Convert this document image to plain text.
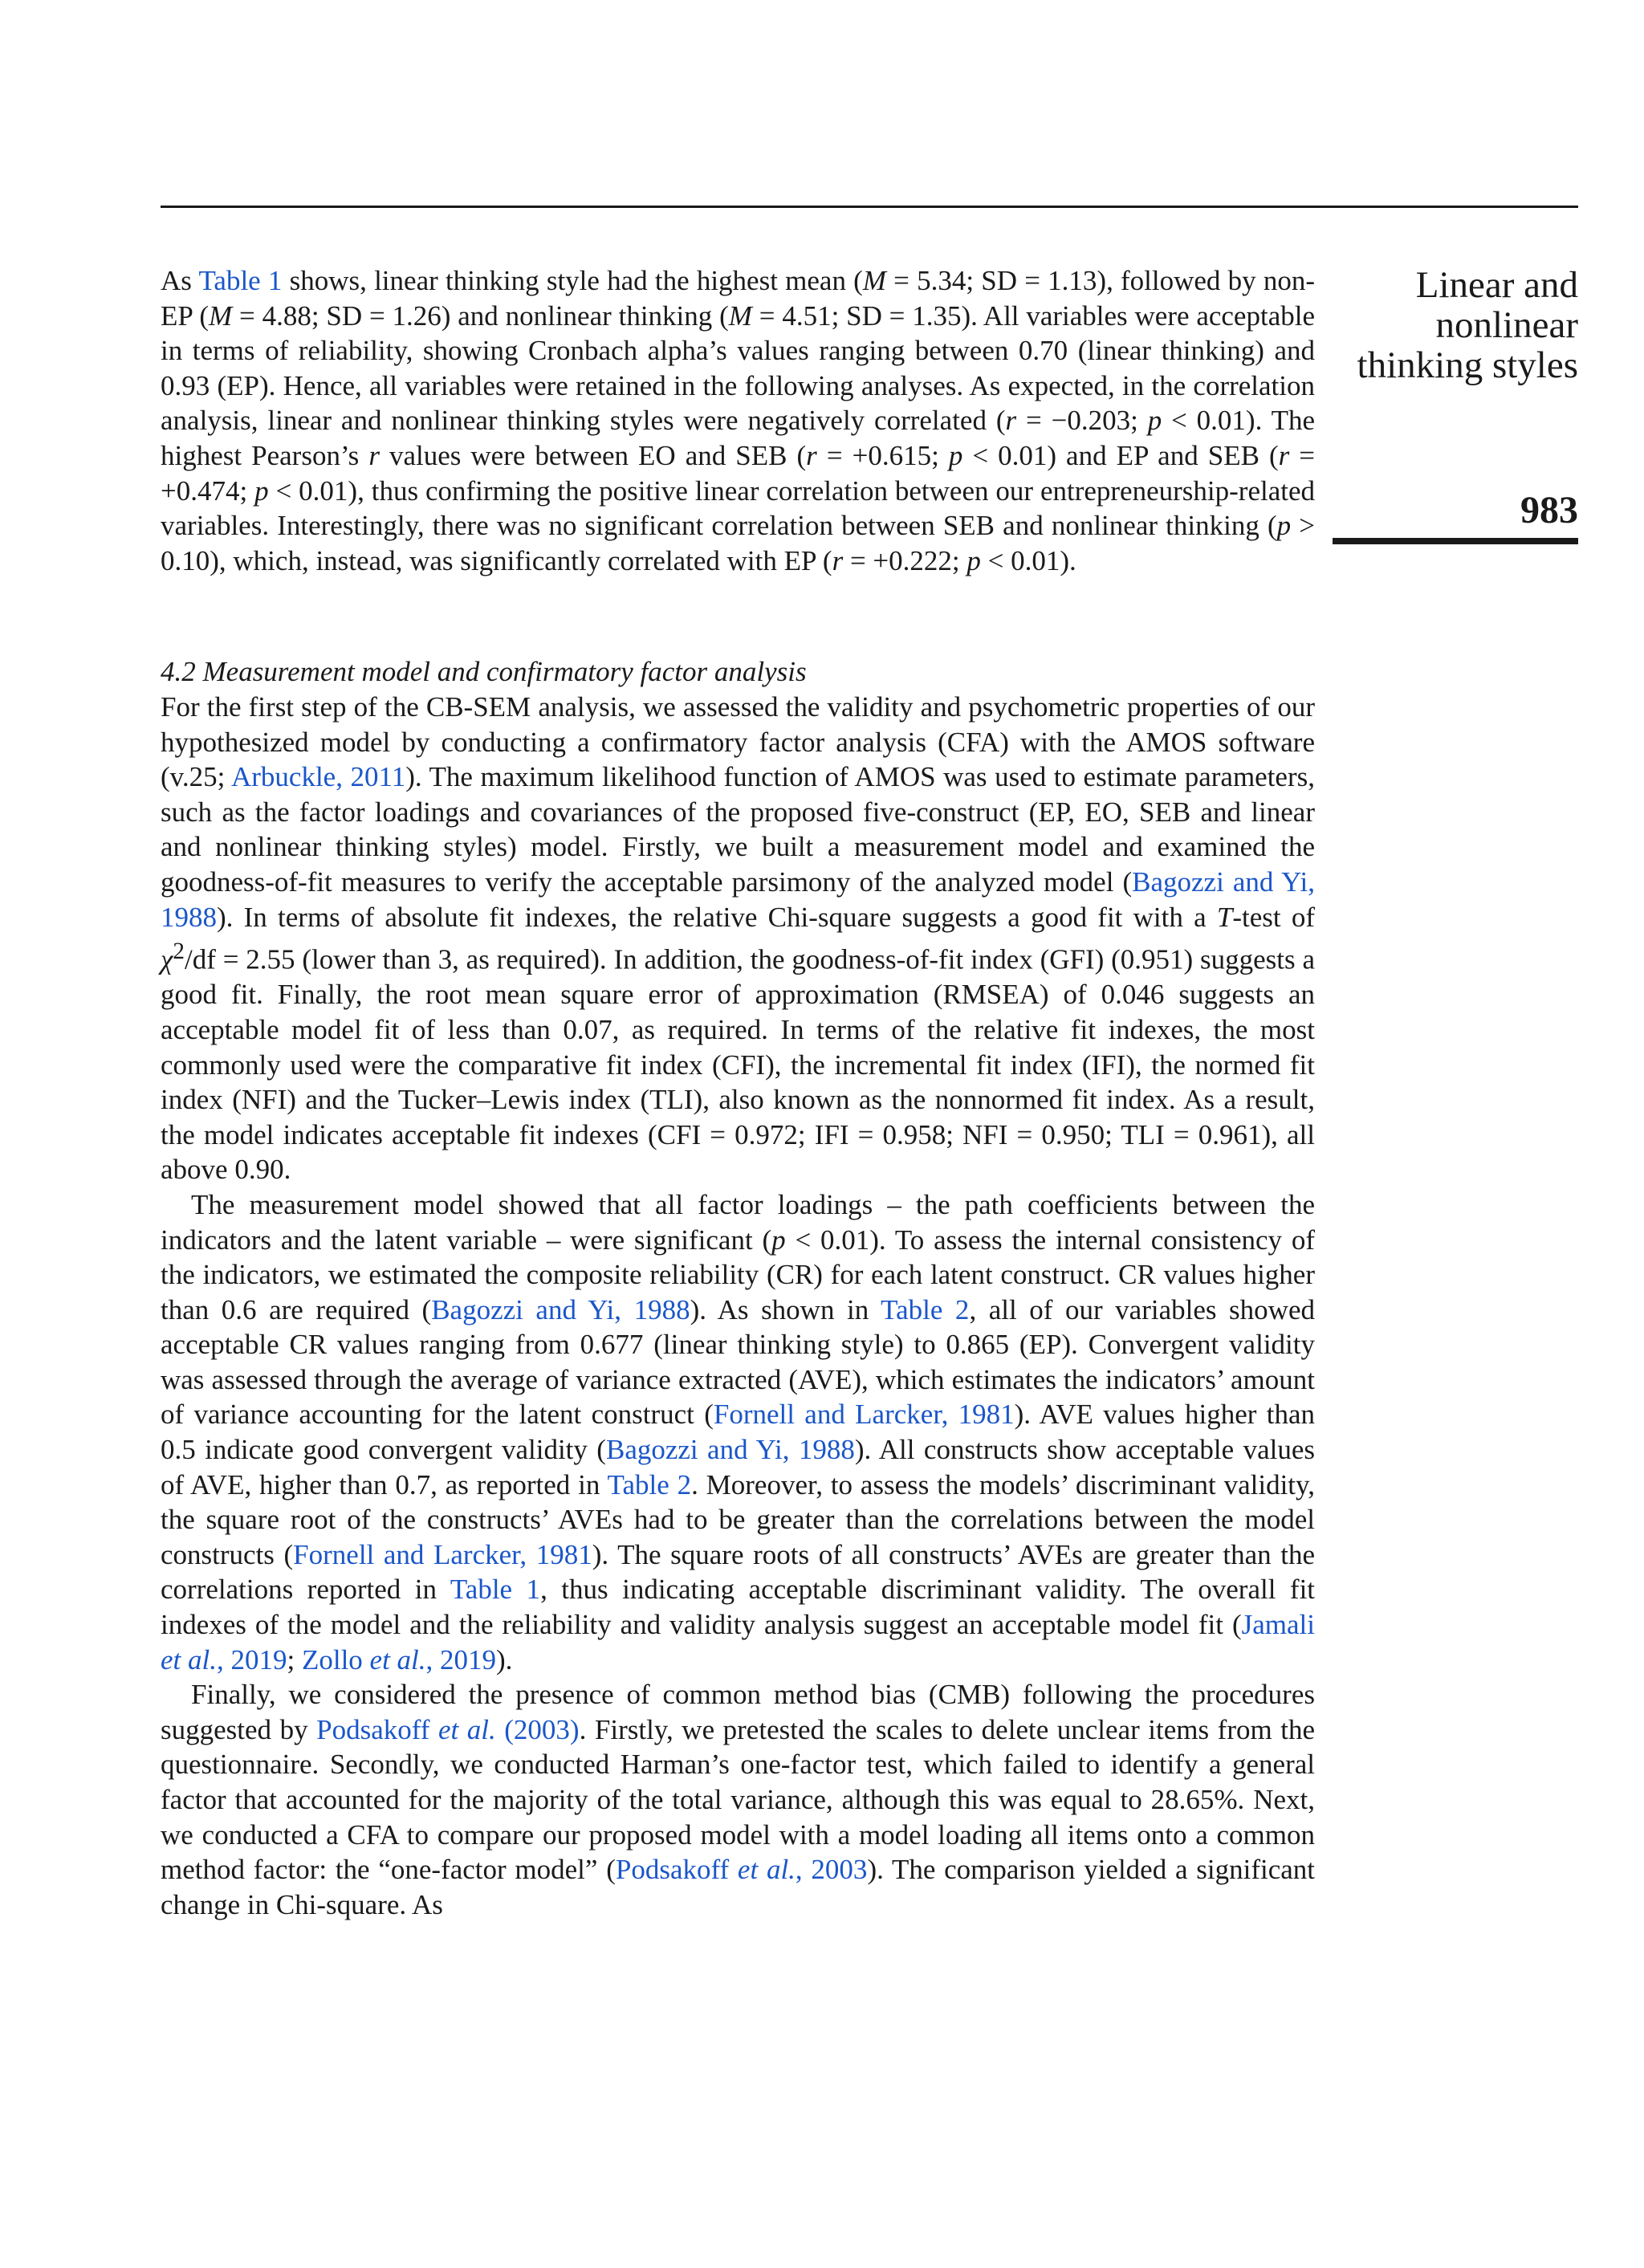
Linear and
nonlinear
thinking styles
983

As Table 1 shows, linear thinking style had the highest mean (M = 5.34; SD = 1.13), followed by non-EP (M = 4.88; SD = 1.26) and nonlinear thinking (M = 4.51; SD = 1.35). All variables were acceptable in terms of reliability, showing Cronbach alpha’s values ranging between 0.70 (linear thinking) and 0.93 (EP). Hence, all variables were retained in the following analyses. As expected, in the correlation analysis, linear and nonlinear thinking styles were negatively correlated (r = −0.203; p < 0.01). The highest Pearson’s r values were between EO and SEB (r = +0.615; p < 0.01) and EP and SEB (r = +0.474; p < 0.01), thus confirming the positive linear correlation between our entrepreneurship-related variables. Interestingly, there was no significant correlation between SEB and nonlinear thinking (p > 0.10), which, instead, was significantly correlated with EP (r = +0.222; p < 0.01).

4.2 Measurement model and confirmatory factor analysis

For the first step of the CB-SEM analysis, we assessed the validity and psychometric properties of our hypothesized model by conducting a confirmatory factor analysis (CFA) with the AMOS software (v.25; Arbuckle, 2011). The maximum likelihood function of AMOS was used to estimate parameters, such as the factor loadings and covariances of the proposed five-construct (EP, EO, SEB and linear and nonlinear thinking styles) model. Firstly, we built a measurement model and examined the goodness-of-fit measures to verify the acceptable parsimony of the analyzed model (Bagozzi and Yi, 1988). In terms of absolute fit indexes, the relative Chi-square suggests a good fit with a T-test of $\chi^2/df = 2.55$ (lower than 3, as required). In addition, the goodness-of-fit index (GFI) (0.951) suggests a good fit. Finally, the root mean square error of approximation (RMSEA) of 0.046 suggests an acceptable model fit of less than 0.07, as required. In terms of the relative fit indexes, the most commonly used were the comparative fit index (CFI), the incremental fit index (IFI), the normed fit index (NFI) and the Tucker–Lewis index (TLI), also known as the nonnormed fit index. As a result, the model indicates acceptable fit indexes (CFI = 0.972; IFI = 0.958; NFI = 0.950; TLI = 0.961), all above 0.90.

The measurement model showed that all factor loadings – the path coefficients between the indicators and the latent variable – were significant (p < 0.01). To assess the internal consistency of the indicators, we estimated the composite reliability (CR) for each latent construct. CR values higher than 0.6 are required (Bagozzi and Yi, 1988). As shown in Table 2, all of our variables showed acceptable CR values ranging from 0.677 (linear thinking style) to 0.865 (EP). Convergent validity was assessed through the average of variance extracted (AVE), which estimates the indicators’ amount of variance accounting for the latent construct (Fornell and Larcker, 1981). AVE values higher than 0.5 indicate good convergent validity (Bagozzi and Yi, 1988). All constructs show acceptable values of AVE, higher than 0.7, as reported in Table 2. Moreover, to assess the models’ discriminant validity, the square root of the constructs’ AVEs had to be greater than the correlations between the model constructs (Fornell and Larcker, 1981). The square roots of all constructs’ AVEs are greater than the correlations reported in Table 1, thus indicating acceptable discriminant validity. The overall fit indexes of the model and the reliability and validity analysis suggest an acceptable model fit (Jamali et al., 2019; Zollo et al., 2019).

Finally, we considered the presence of common method bias (CMB) following the procedures suggested by Podsakoff et al. (2003). Firstly, we pretested the scales to delete unclear items from the questionnaire. Secondly, we conducted Harman’s one-factor test, which failed to identify a general factor that accounted for the majority of the total variance, although this was equal to 28.65%. Next, we conducted a CFA to compare our proposed model with a model loading all items onto a common method factor: the “one-factor model” (Podsakoff et al., 2003). The comparison yielded a significant change in Chi-square. As
